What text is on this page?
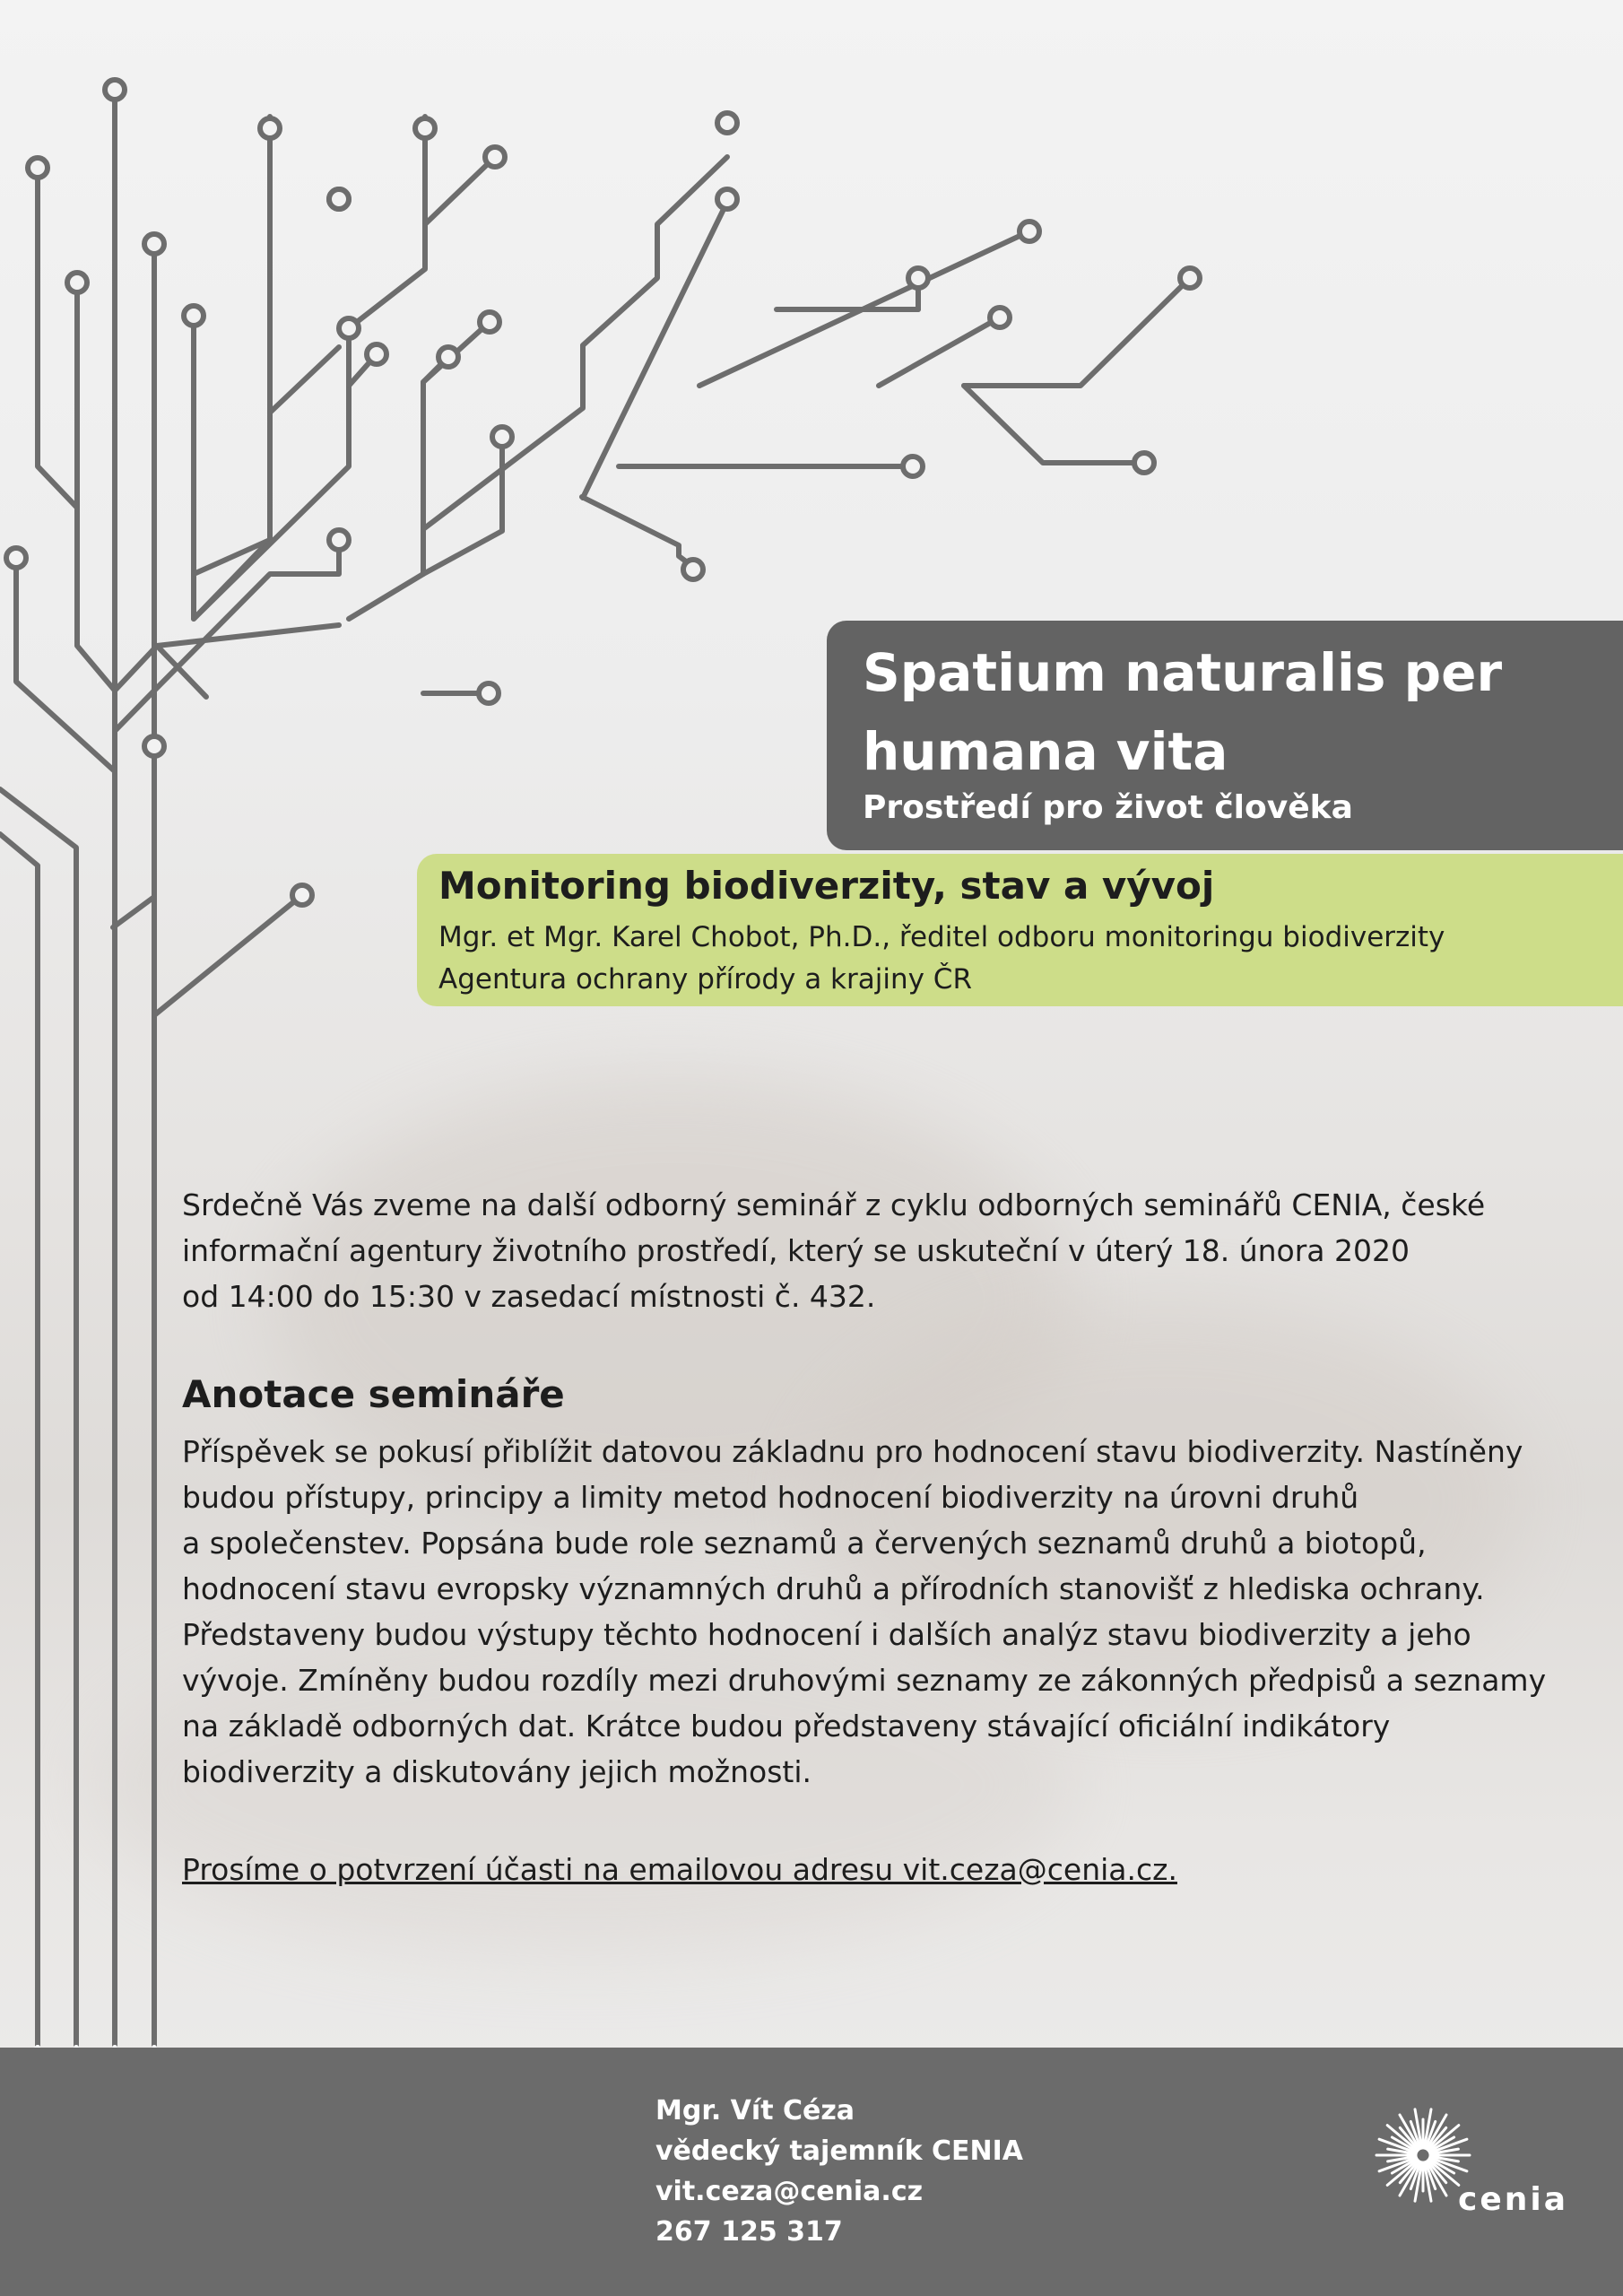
Spatium naturalis per
humana vita
Prostředí pro život člověka
Monitoring biodiverzity, stav a vývoj
Mgr. et Mgr. Karel Chobot, Ph.D., ředitel odboru monitoringu biodiverzity
Agentura ochrany přírody a krajiny ČR
Srdečně Vás zveme na další odborný seminář z cyklu odborných seminářů CENIA, české
informační agentury životního prostředí, který se uskuteční v úterý 18. února 2020
od 14:00 do 15:30 v zasedací místnosti č. 432.
Anotace semináře
Příspěvek se pokusí přiblížit datovou základnu pro hodnocení stavu biodiverzity. Nastíněny
budou přístupy, principy a limity metod hodnocení biodiverzity na úrovni druhů
a společenstev. Popsána bude role seznamů a červených seznamů druhů a biotopů,
hodnocení stavu evropsky významných druhů a přírodních stanovišť z hlediska ochrany.
Představeny budou výstupy těchto hodnocení i dalších analýz stavu biodiverzity a jeho
vývoje. Zmíněny budou rozdíly mezi druhovými seznamy ze zákonných předpisů a seznamy
na základě odborných dat. Krátce budou představeny stávající oficiální indikátory
biodiverzity a diskutovány jejich možnosti.
Prosíme o potvrzení účasti na emailovou adresu vit.ceza@cenia.cz.
Mgr. Vít Céza
vědecký tajemník CENIA
vit.ceza@cenia.cz
267 125 317
cenia
